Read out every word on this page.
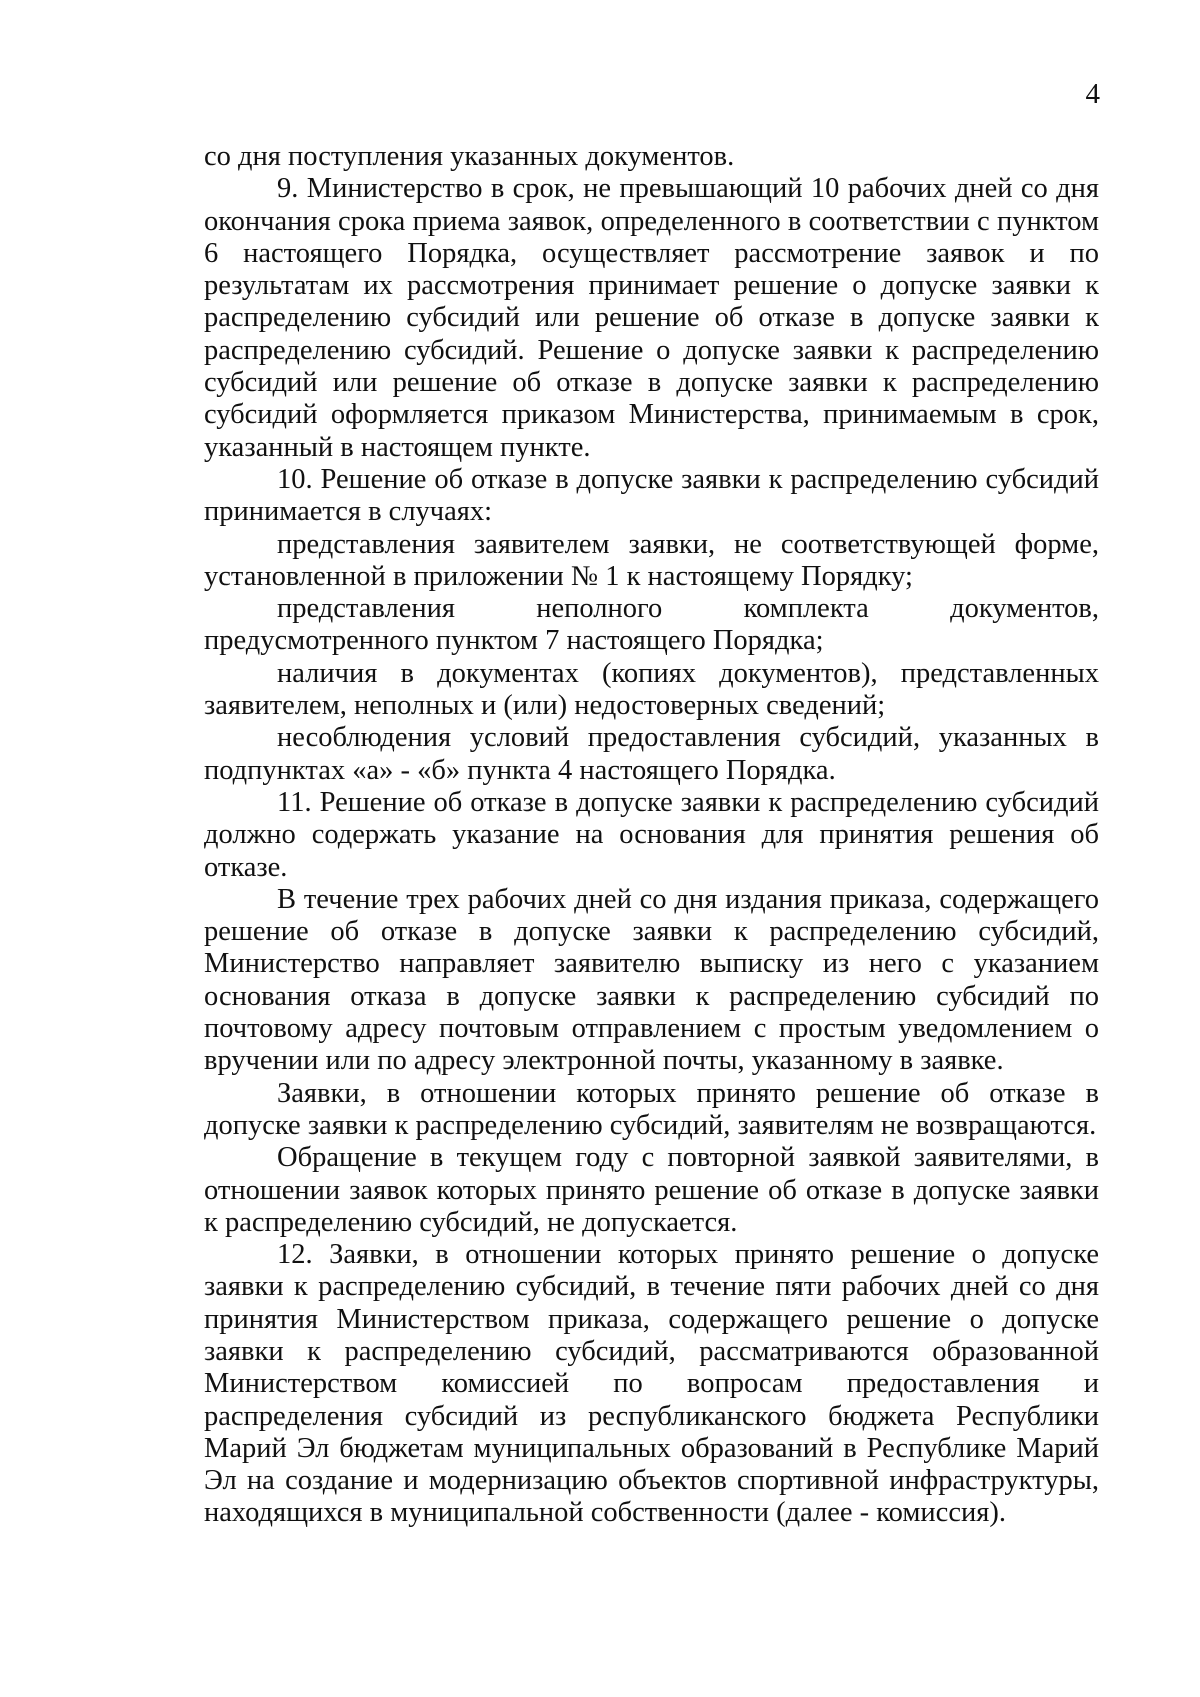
4

со дня поступления указанных документов.

9. Министерство в срок, не превышающий 10 рабочих дней со дня окончания срока приема заявок, определенного в соответствии с пунктом 6 настоящего Порядка, осуществляет рассмотрение заявок и по результатам их рассмотрения принимает решение о допуске заявки к распределению субсидий или решение об отказе в допуске заявки к распределению субсидий. Решение о допуске заявки к распределению субсидий или решение об отказе в допуске заявки к распределению субсидий оформляется приказом Министерства, принимаемым в срок, указанный в настоящем пункте.

10. Решение об отказе в допуске заявки к распределению субсидий принимается в случаях:

представления заявителем заявки, не соответствующей форме, установленной в приложении № 1 к настоящему Порядку;

представления неполного комплекта документов, предусмотренного пунктом 7 настоящего Порядка;

наличия в документах (копиях документов), представленных заявителем, неполных и (или) недостоверных сведений;

несоблюдения условий предоставления субсидий, указанных в подпунктах «а» - «б» пункта 4 настоящего Порядка.

11. Решение об отказе в допуске заявки к распределению субсидий должно содержать указание на основания для принятия решения об отказе.

В течение трех рабочих дней со дня издания приказа, содержащего решение об отказе в допуске заявки к распределению субсидий, Министерство направляет заявителю выписку из него с указанием основания отказа в допуске заявки к распределению субсидий по почтовому адресу почтовым отправлением с простым уведомлением о вручении или по адресу электронной почты, указанному в заявке.

Заявки, в отношении которых принято решение об отказе в допуске заявки к распределению субсидий, заявителям не возвращаются.

Обращение в текущем году с повторной заявкой заявителями, в отношении заявок которых принято решение об отказе в допуске заявки к распределению субсидий, не допускается.

12. Заявки, в отношении которых принято решение о допуске заявки к распределению субсидий, в течение пяти рабочих дней со дня принятия Министерством приказа, содержащего решение о допуске заявки к распределению субсидий, рассматриваются образованной Министерством комиссией по вопросам предоставления и распределения субсидий из республиканского бюджета Республики Марий Эл бюджетам муниципальных образований в Республике Марий Эл на создание и модернизацию объектов спортивной инфраструктуры, находящихся в муниципальной собственности (далее - комиссия).
